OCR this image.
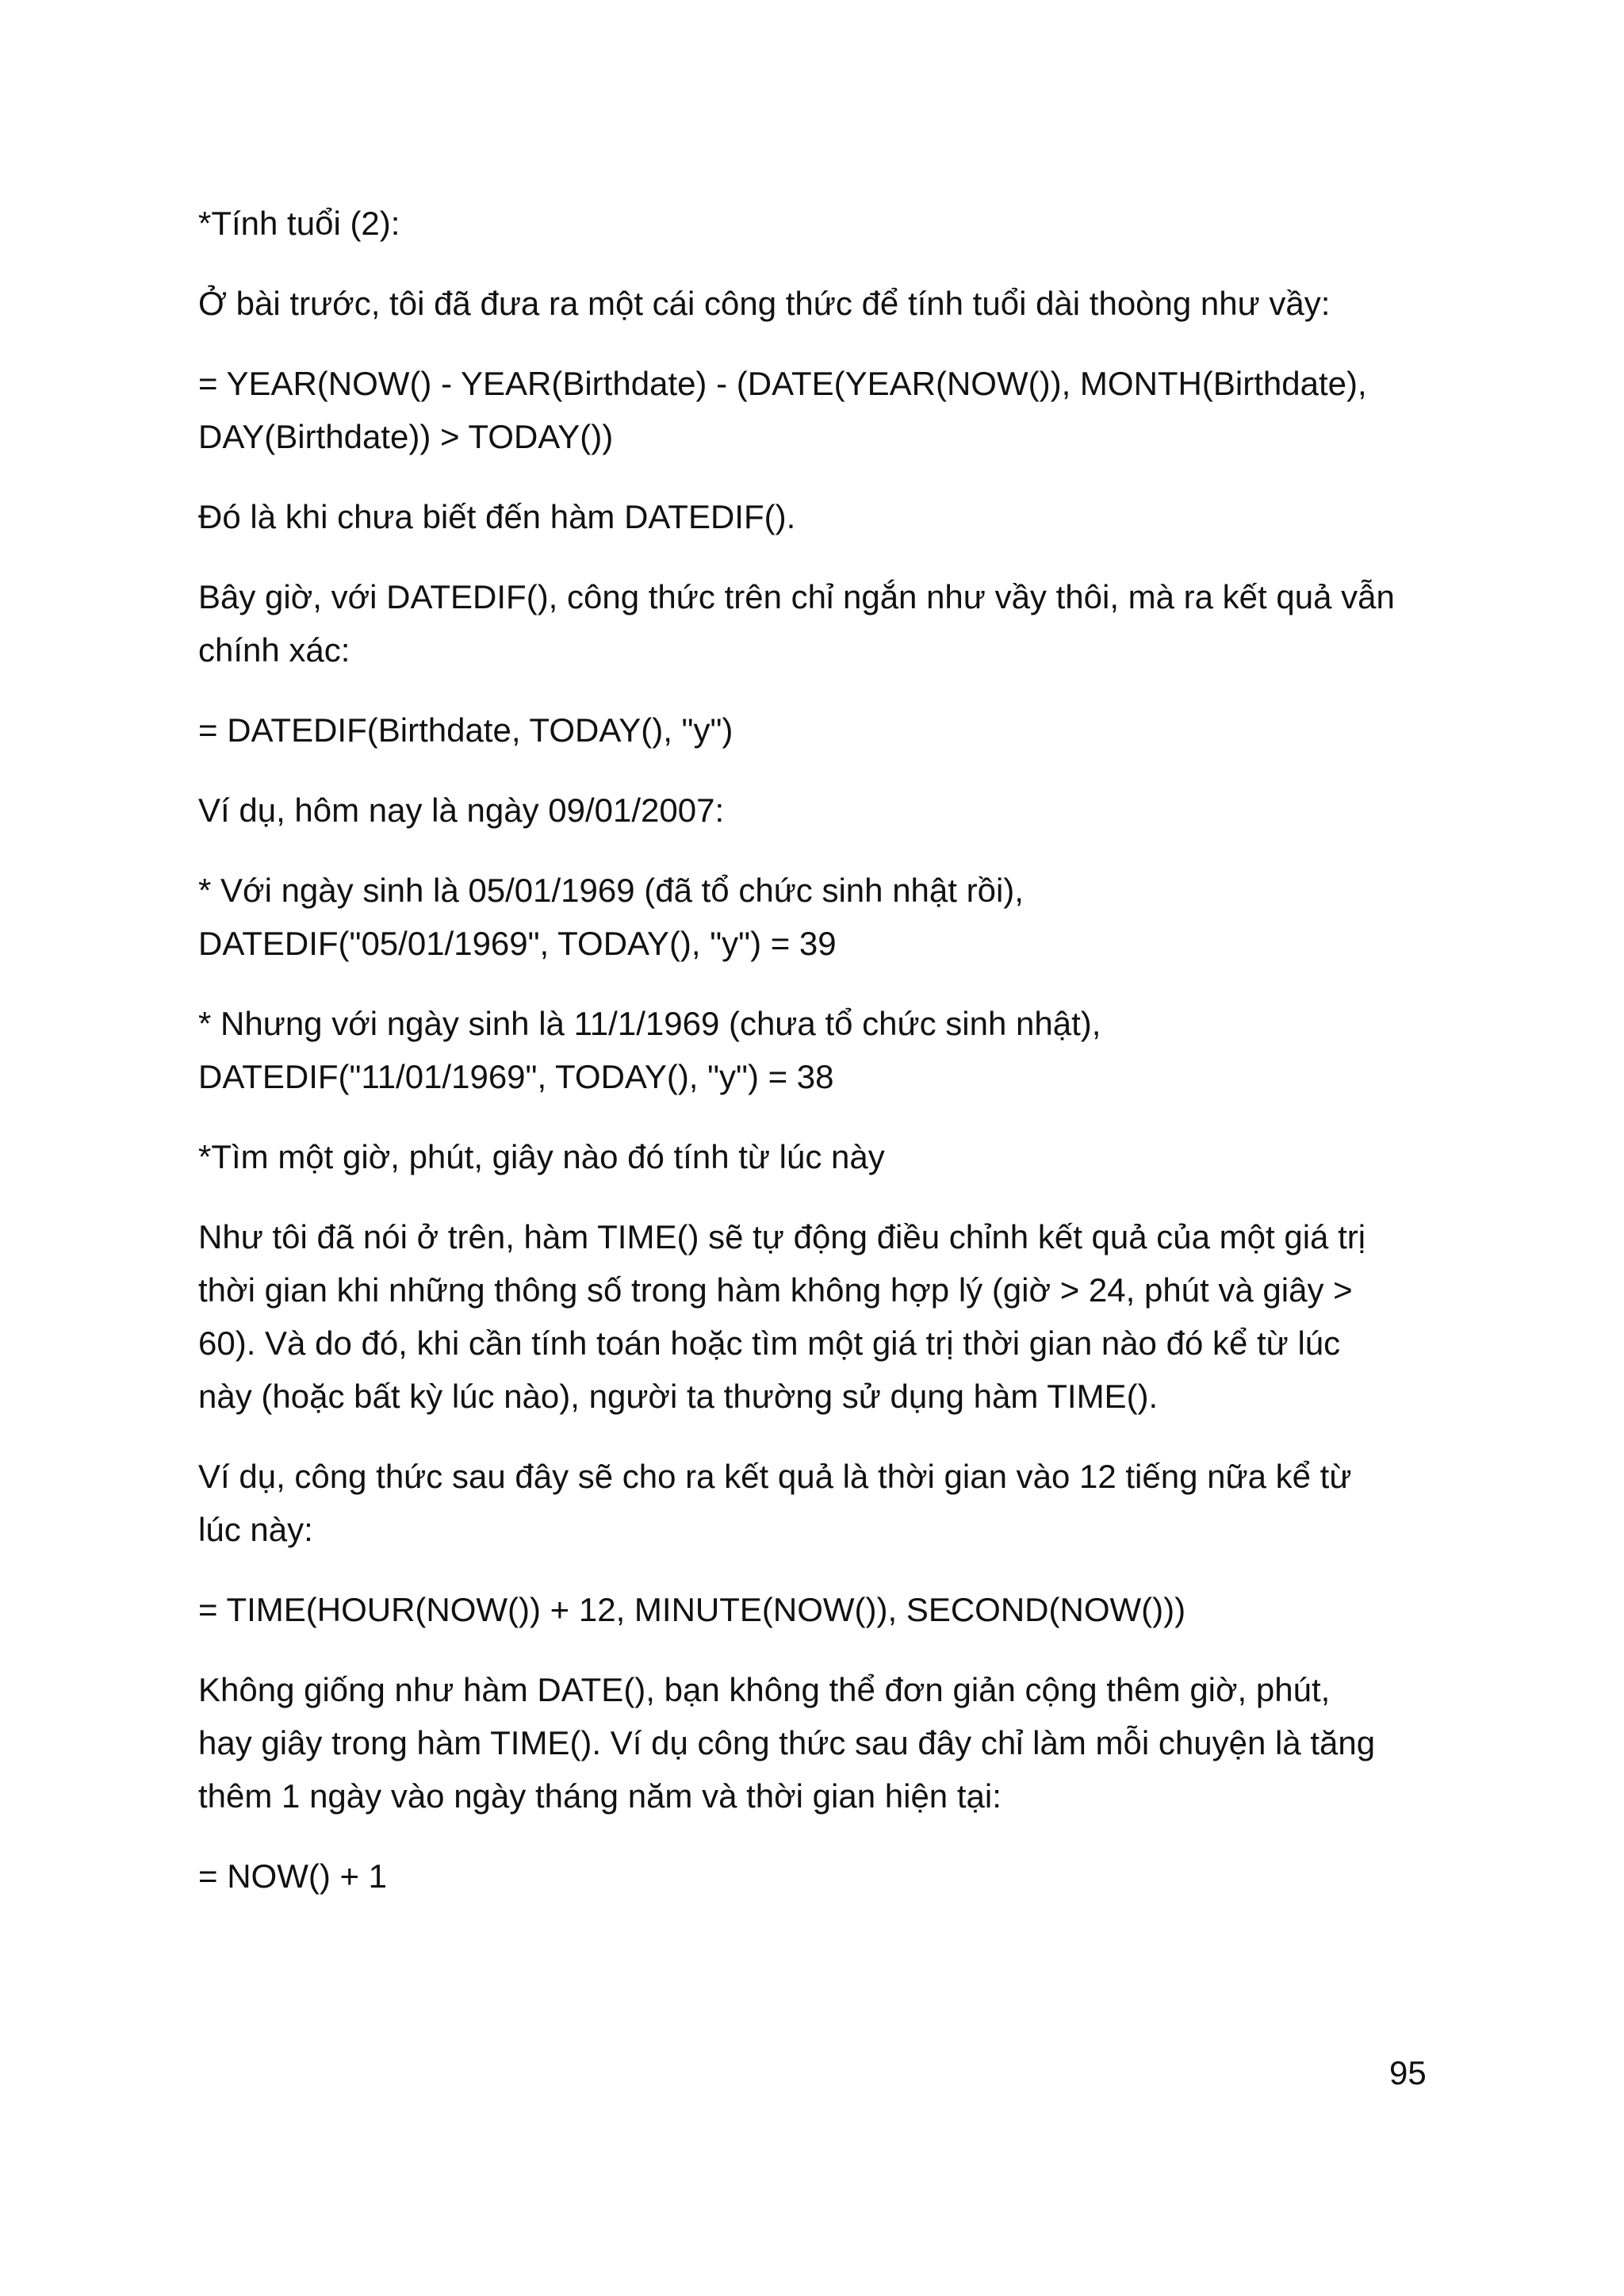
*Tính tuổi (2):

Ở bài trước, tôi đã đưa ra một cái công thức để tính tuổi dài thoòng như vầy:

= YEAR(NOW() - YEAR(Birthdate) - (DATE(YEAR(NOW()), MONTH(Birthdate),
DAY(Birthdate)) > TODAY())

Đó là khi chưa biết đến hàm DATEDIF().

Bây giờ, với DATEDIF(), công thức trên chỉ ngắn như vầy thôi, mà ra kết quả vẫn
chính xác:

= DATEDIF(Birthdate, TODAY(), "y")

Ví dụ, hôm nay là ngày 09/01/2007:

* Với ngày sinh là 05/01/1969 (đã tổ chức sinh nhật rồi),
DATEDIF("05/01/1969", TODAY(), "y") = 39

* Nhưng với ngày sinh là 11/1/1969 (chưa tổ chức sinh nhật),
DATEDIF("11/01/1969", TODAY(), "y") = 38

*Tìm một giờ, phút, giây nào đó tính từ lúc này

Như tôi đã nói ở trên, hàm TIME() sẽ tự động điều chỉnh kết quả của một giá trị
thời gian khi những thông số trong hàm không hợp lý (giờ > 24, phút và giây >
60). Và do đó, khi cần tính toán hoặc tìm một giá trị thời gian nào đó kể từ lúc
này (hoặc bất kỳ lúc nào), người ta thường sử dụng hàm TIME().

Ví dụ, công thức sau đây sẽ cho ra kết quả là thời gian vào 12 tiếng nữa kể từ
lúc này:

= TIME(HOUR(NOW()) + 12, MINUTE(NOW()), SECOND(NOW()))

Không giống như hàm DATE(), bạn không thể đơn giản cộng thêm giờ, phút,
hay giây trong hàm TIME(). Ví dụ công thức sau đây chỉ làm mỗi chuyện là tăng
thêm 1 ngày vào ngày tháng năm và thời gian hiện tại:

= NOW() + 1

95
